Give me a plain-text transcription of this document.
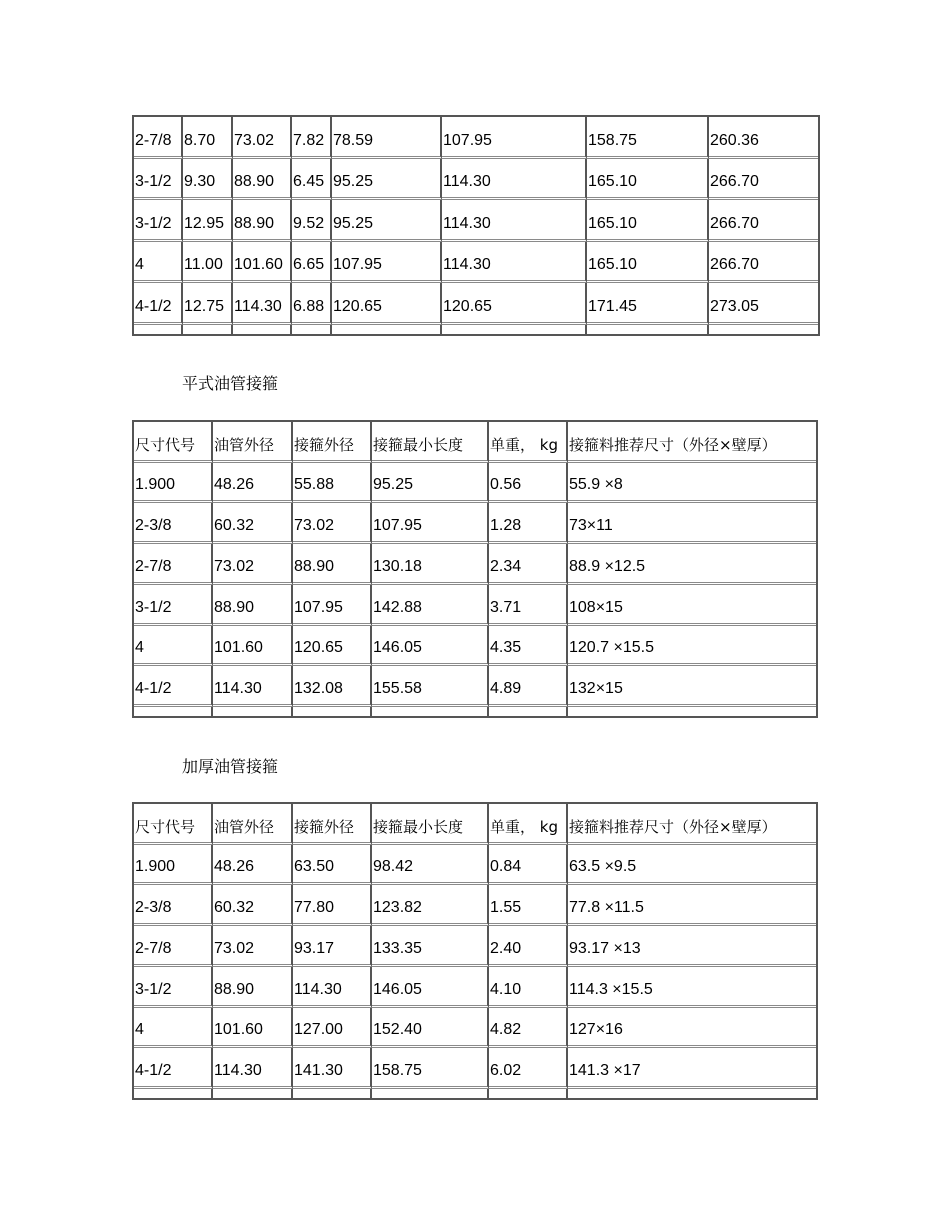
2-7/8	8.70	73.02	7.82	78.59	107.95	158.75	260.36
3-1/2	9.30	88.90	6.45	95.25	114.30	165.10	266.70
3-1/2	12.95	88.90	9.52	95.25	114.30	165.10	266.70
4	11.00	101.60	6.65	107.95	114.30	165.10	266.70
4-1/2	12.75	114.30	6.88	120.65	120.65	171.45	273.05

平式油管接箍
尺寸代号	油管外径	接箍外径	接箍最小长度	单重， kg	接箍料推荐尺寸（外径×壁厚）
1.900	48.26	55.88	95.25	0.56	55.9 ×8
2-3/8	60.32	73.02	107.95	1.28	73×11
2-7/8	73.02	88.90	130.18	2.34	88.9 ×12.5
3-1/2	88.90	107.95	142.88	3.71	108×15
4	101.60	120.65	146.05	4.35	120.7 ×15.5
4-1/2	114.30	132.08	155.58	4.89	132×15

加厚油管接箍
尺寸代号	油管外径	接箍外径	接箍最小长度	单重， kg	接箍料推荐尺寸（外径×壁厚）
1.900	48.26	63.50	98.42	0.84	63.5 ×9.5
2-3/8	60.32	77.80	123.82	1.55	77.8 ×11.5
2-7/8	73.02	93.17	133.35	2.40	93.17 ×13
3-1/2	88.90	114.30	146.05	4.10	114.3 ×15.5
4	101.60	127.00	152.40	4.82	127×16
4-1/2	114.30	141.30	158.75	6.02	141.3 ×17
